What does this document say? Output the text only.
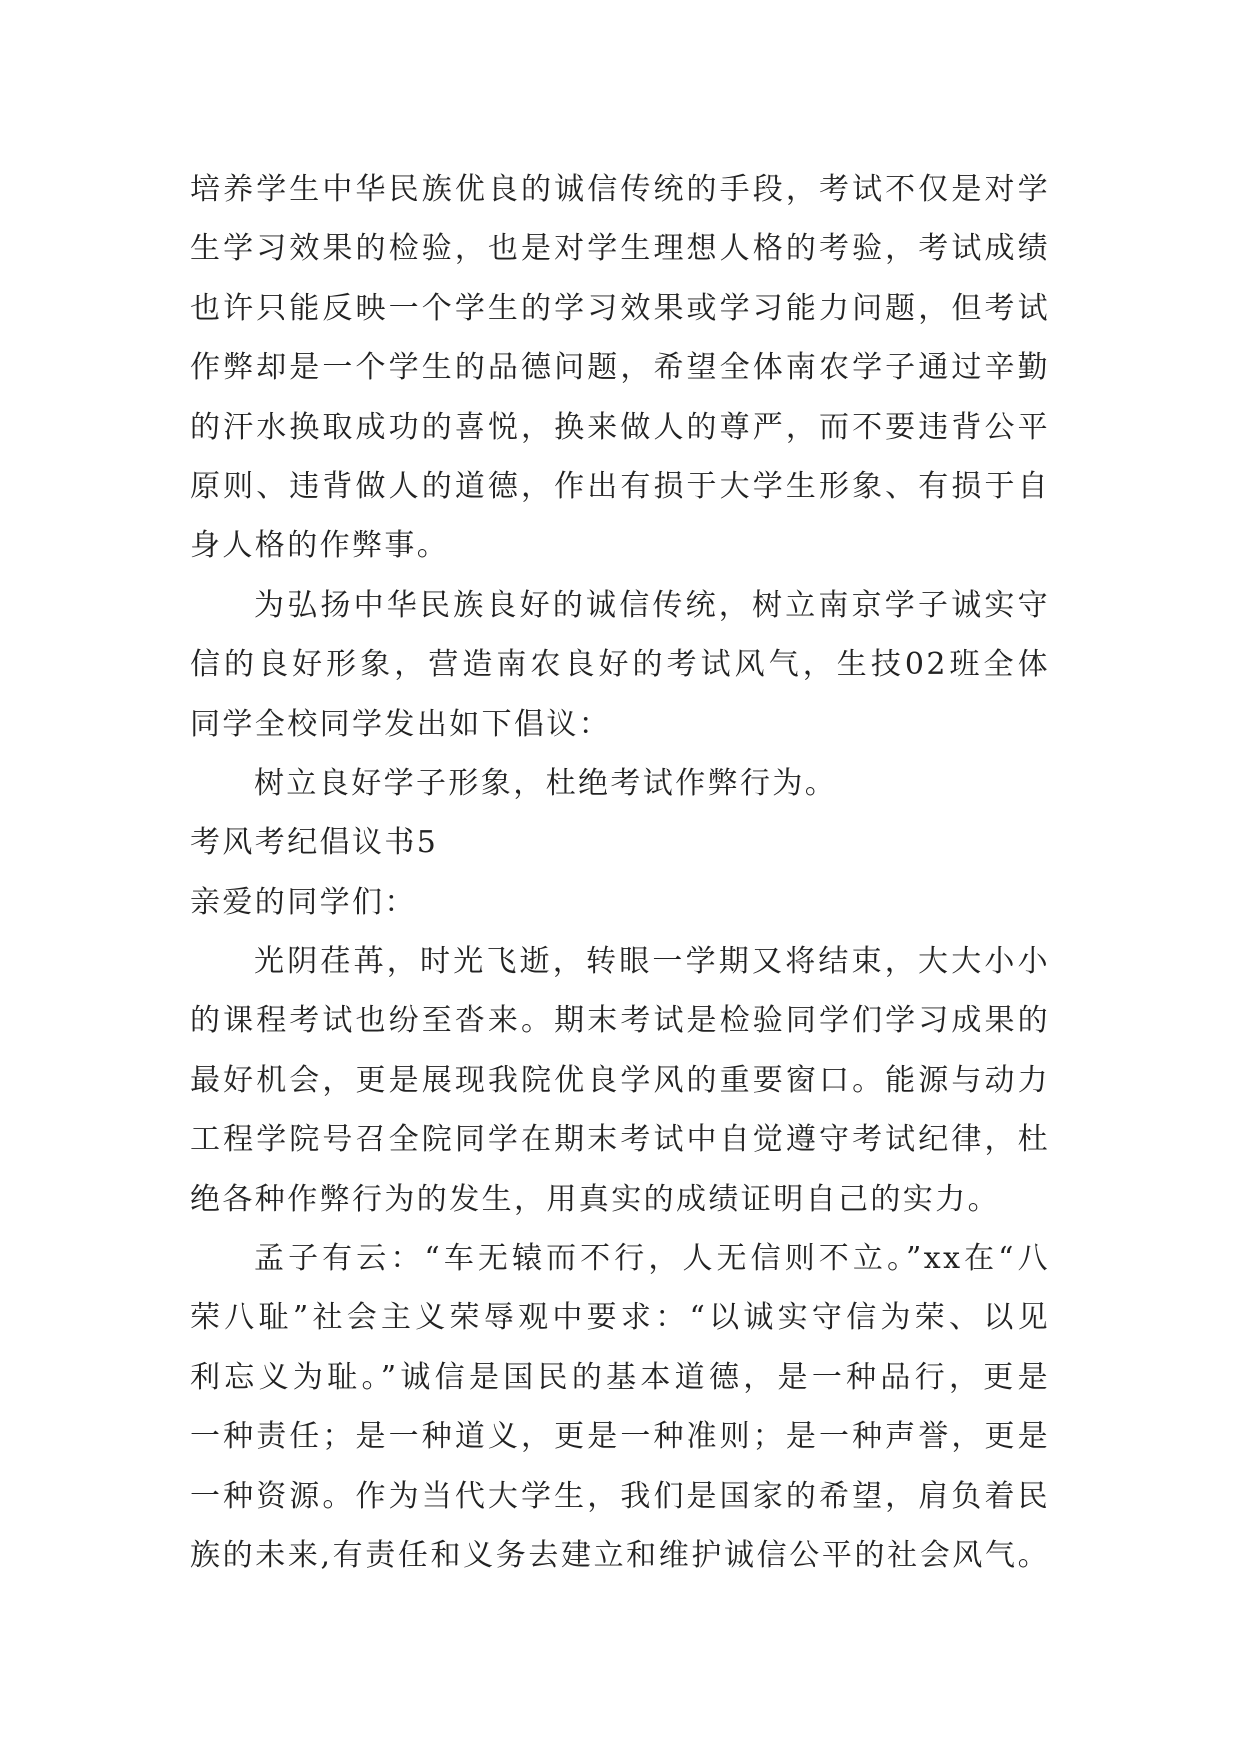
培养学生中华民族优良的诚信传统的手段，考试不仅是对学
生学习效果的检验，也是对学生理想人格的考验，考试成绩
也许只能反映一个学生的学习效果或学习能力问题，但考试
作弊却是一个学生的品德问题，希望全体南农学子通过辛勤
的汗水换取成功的喜悦，换来做人的尊严，而不要违背公平
原则、违背做人的道德，作出有损于大学生形象、有损于自
身人格的作弊事。
为弘扬中华民族良好的诚信传统，树立南京学子诚实守
信的良好形象，营造南农良好的考试风气，生技02班全体
同学全校同学发出如下倡议：
树立良好学子形象，杜绝考试作弊行为。
考风考纪倡议书5
亲爱的同学们：
光阴荏苒，时光飞逝，转眼一学期又将结束，大大小小
的课程考试也纷至沓来。期末考试是检验同学们学习成果的
最好机会，更是展现我院优良学风的重要窗口。能源与动力
工程学院号召全院同学在期末考试中自觉遵守考试纪律，杜
绝各种作弊行为的发生，用真实的成绩证明自己的实力。
孟子有云：“车无辕而不行，人无信则不立。”xx在“八
荣八耻”社会主义荣辱观中要求：“以诚实守信为荣、以见
利忘义为耻。”诚信是国民的基本道德，是一种品行，更是
一种责任；是一种道义，更是一种准则；是一种声誉，更是
一种资源。作为当代大学生，我们是国家的希望，肩负着民
族的未来,有责任和义务去建立和维护诚信公平的社会风气。
